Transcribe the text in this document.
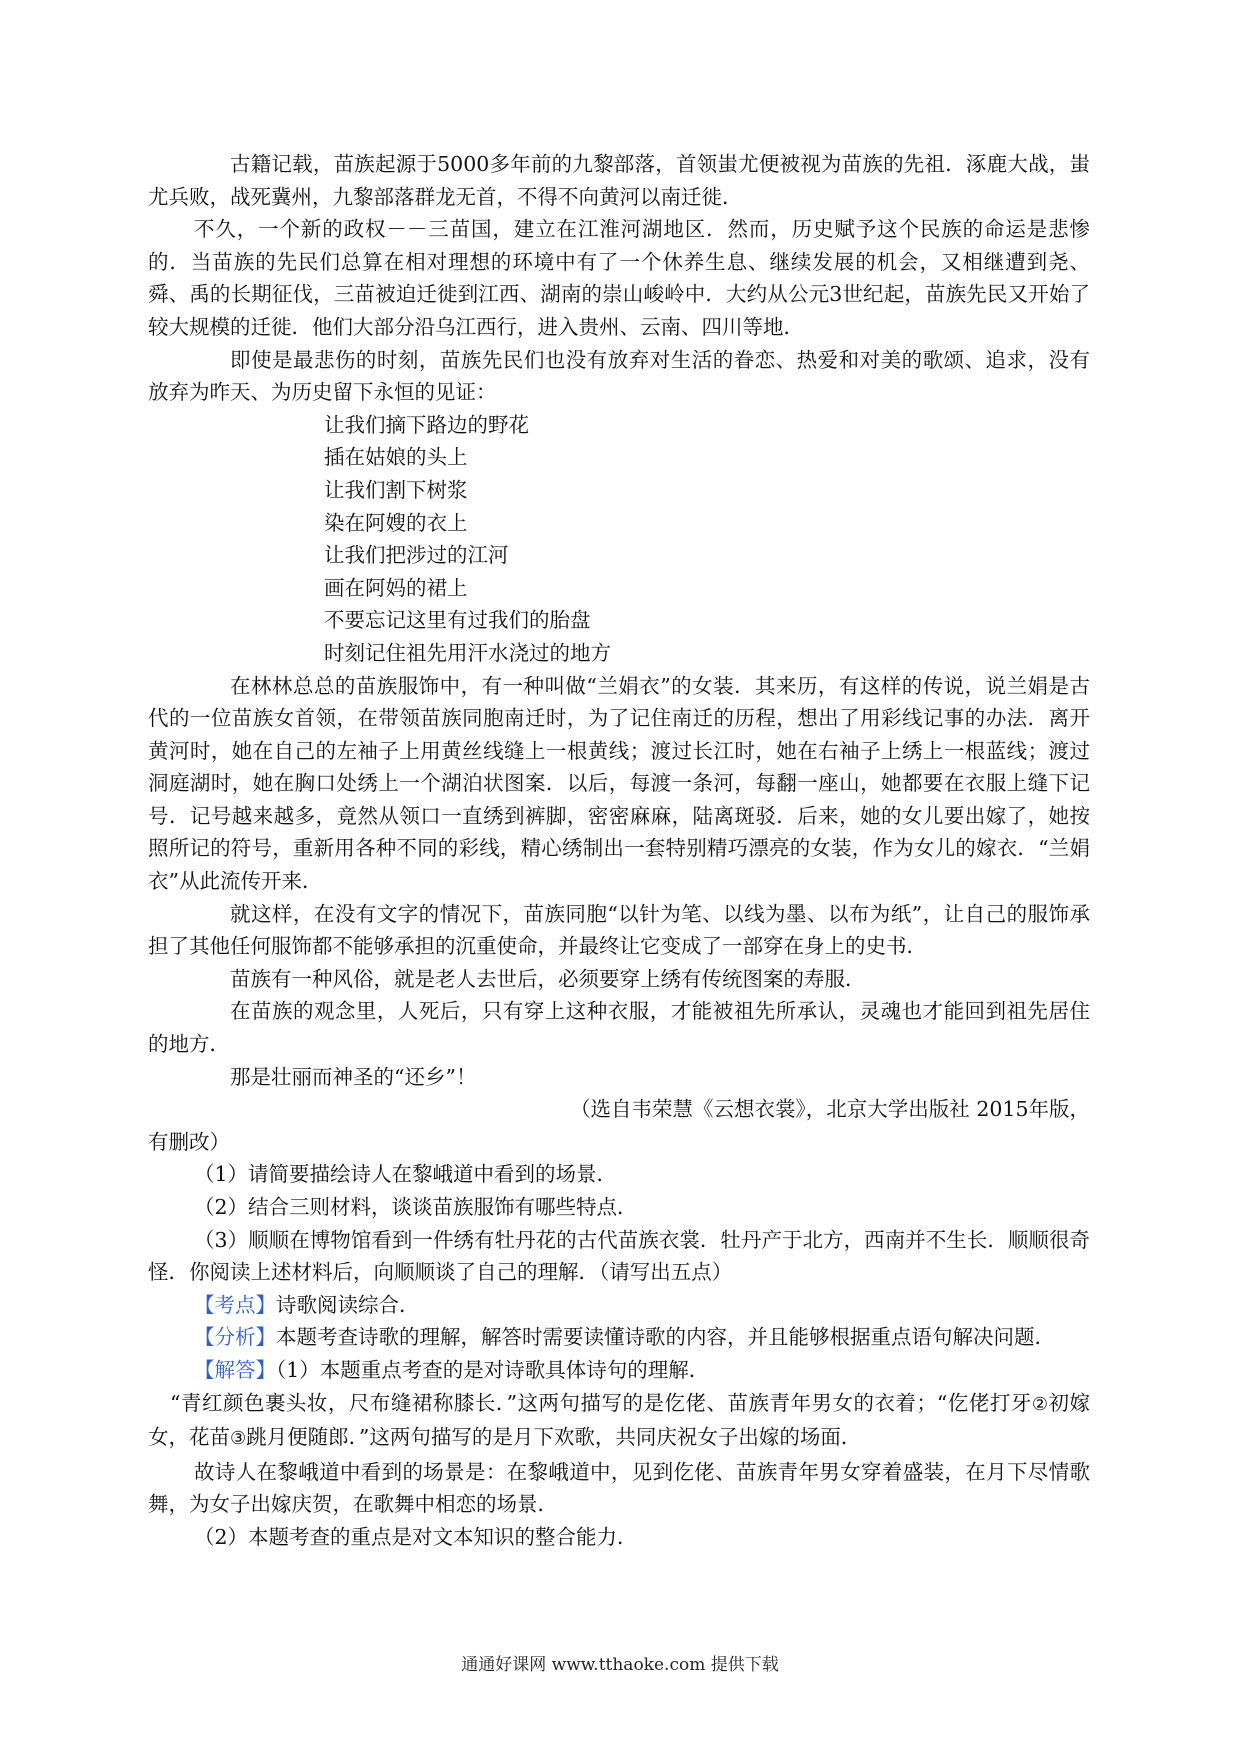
古籍记载，苗族起源于5000多年前的九黎部落，首领蚩尤便被视为苗族的先祖．涿鹿大战，蚩尤兵败，战死冀州，九黎部落群龙无首，不得不向黄河以南迁徙．

不久，一个新的政权－－三苗国，建立在江淮河湖地区．然而，历史赋予这个民族的命运是悲惨的．当苗族的先民们总算在相对理想的环境中有了一个休养生息、继续发展的机会，又相继遭到尧、舜、禹的长期征伐，三苗被迫迁徙到江西、湖南的崇山峻岭中．大约从公元3世纪起，苗族先民又开始了较大规模的迁徙．他们大部分沿乌江西行，进入贵州、云南、四川等地．

即使是最悲伤的时刻，苗族先民们也没有放弃对生活的眷恋、热爱和对美的歌颂、追求，没有放弃为昨天、为历史留下永恒的见证：

让我们摘下路边的野花
插在姑娘的头上
让我们割下树浆
染在阿嫂的衣上
让我们把涉过的江河
画在阿妈的裙上
不要忘记这里有过我们的胎盘
时刻记住祖先用汗水浇过的地方

在林林总总的苗族服饰中，有一种叫做“兰娟衣”的女装．其来历，有这样的传说，说兰娟是古代的一位苗族女首领，在带领苗族同胞南迁时，为了记住南迁的历程，想出了用彩线记事的办法．离开黄河时，她在自己的左袖子上用黄丝线缝上一根黄线；渡过长江时，她在右袖子上绣上一根蓝线；渡过洞庭湖时，她在胸口处绣上一个湖泊状图案．以后，每渡一条河，每翻一座山，她都要在衣服上缝下记号．记号越来越多，竟然从领口一直绣到裤脚，密密麻麻，陆离斑驳．后来，她的女儿要出嫁了，她按照所记的符号，重新用各种不同的彩线，精心绣制出一套特别精巧漂亮的女装，作为女儿的嫁衣．“兰娟衣”从此流传开来．

就这样，在没有文字的情况下，苗族同胞“以针为笔、以线为墨、以布为纸”，让自己的服饰承担了其他任何服饰都不能够承担的沉重使命，并最终让它变成了一部穿在身上的史书．

苗族有一种风俗，就是老人去世后，必须要穿上绣有传统图案的寿服．

在苗族的观念里，人死后，只有穿上这种衣服，才能被祖先所承认，灵魂也才能回到祖先居住的地方．

那是壮丽而神圣的“还乡”！

（选自韦荣慧《云想衣裳》，北京大学出版社 2015年版，

有删改）

（1）请简要描绘诗人在黎峨道中看到的场景．

（2）结合三则材料，谈谈苗族服饰有哪些特点．

（3）顺顺在博物馆看到一件绣有牡丹花的古代苗族衣裳．牡丹产于北方，西南并不生长．顺顺很奇怪．你阅读上述材料后，向顺顺谈了自己的理解．（请写出五点）

【考点】诗歌阅读综合．

【分析】本题考查诗歌的理解，解答时需要读懂诗歌的内容，并且能够根据重点语句解决问题．

【解答】（1）本题重点考查的是对诗歌具体诗句的理解．

“青红颜色裹头妆，尺布缝裙称膝长．”这两句描写的是仡佬、苗族青年男女的衣着；“仡佬打牙②初嫁女，花苗③跳月便随郎．”这两句描写的是月下欢歌，共同庆祝女子出嫁的场面．

故诗人在黎峨道中看到的场景是：在黎峨道中，见到仡佬、苗族青年男女穿着盛装，在月下尽情歌舞，为女子出嫁庆贺，在歌舞中相恋的场景．

（2）本题考查的重点是对文本知识的整合能力．

通通好课网 www.tthaoke.com 提供下载
